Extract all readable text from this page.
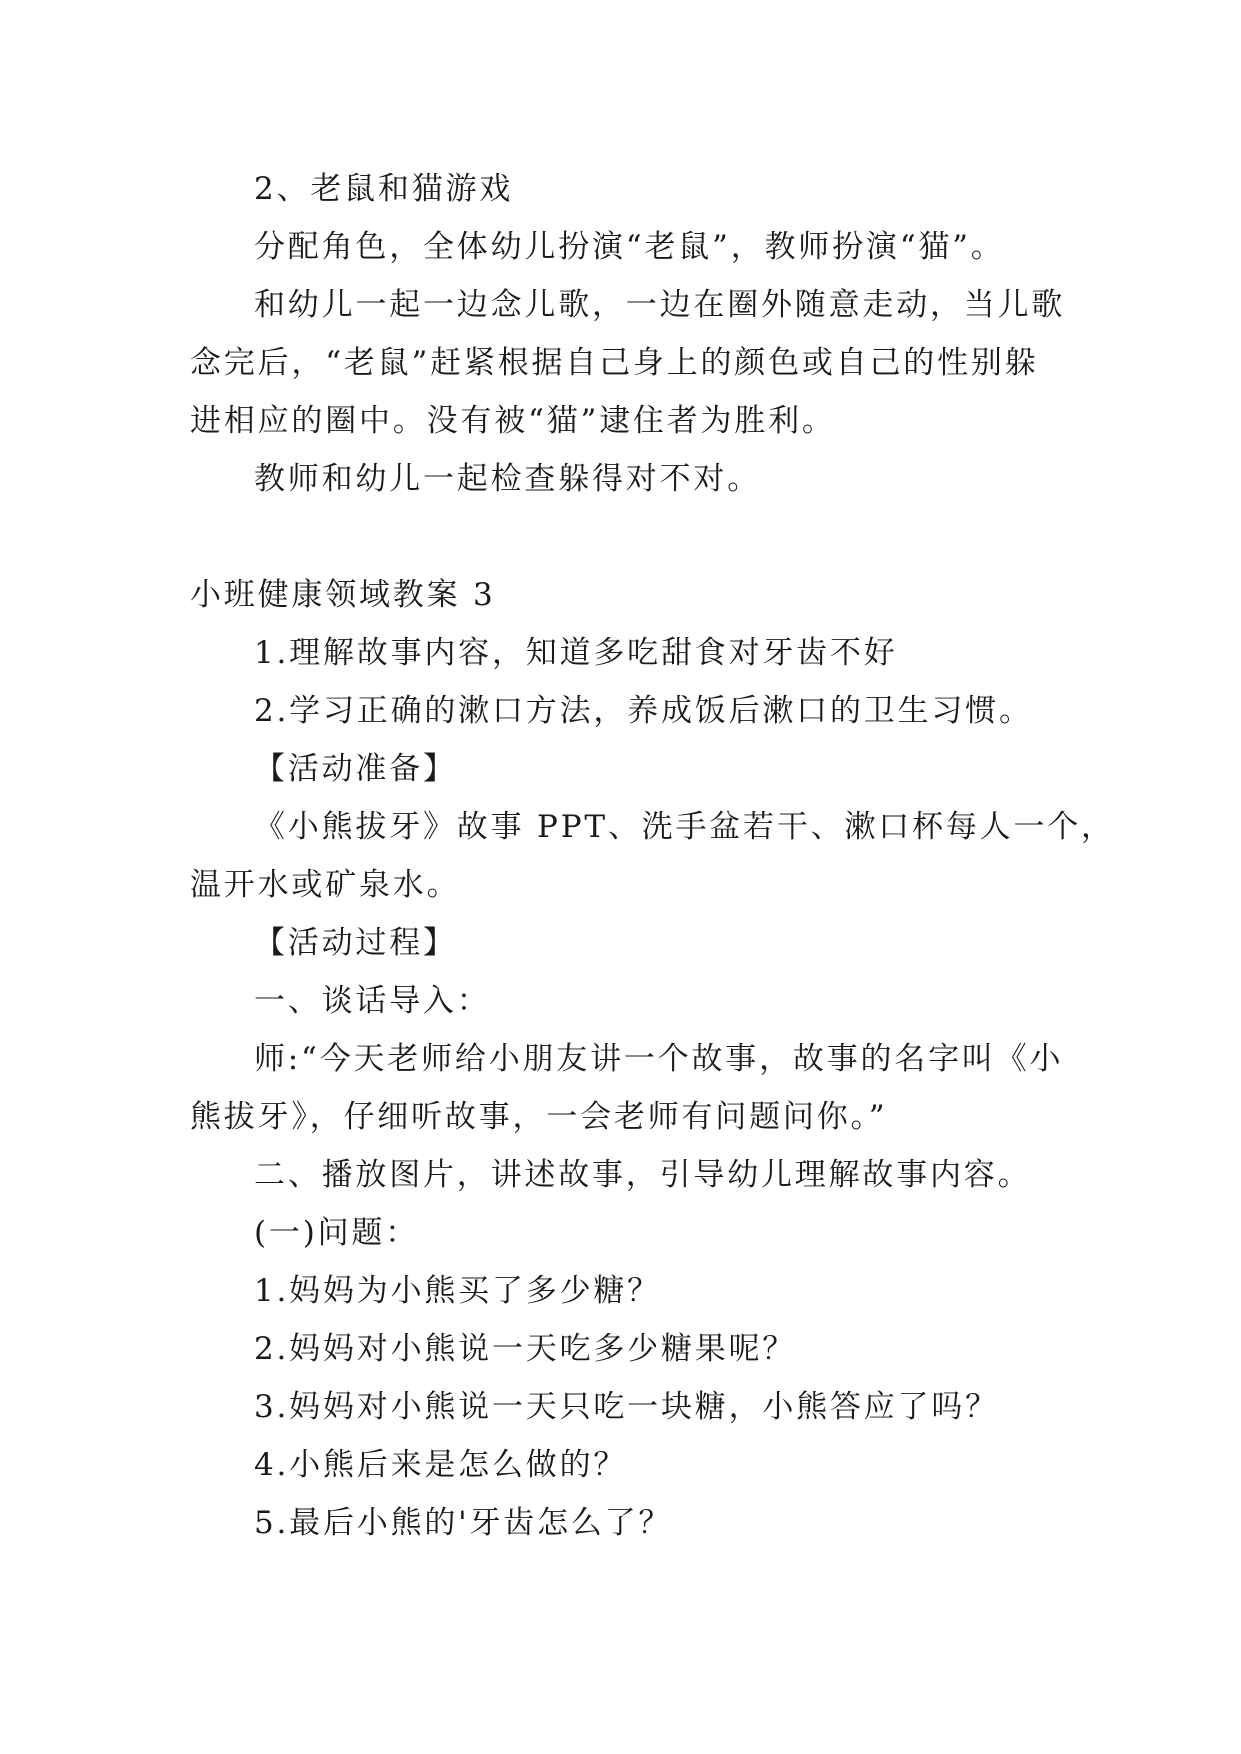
2、老鼠和猫游戏
分配角色，全体幼儿扮演“老鼠”，教师扮演“猫”。
和幼儿一起一边念儿歌，一边在圈外随意走动，当儿歌
念完后，“老鼠”赶紧根据自己身上的颜色或自己的性别躲
进相应的圈中。没有被“猫”逮住者为胜利。
教师和幼儿一起检查躲得对不对。
小班健康领域教案 3
1.理解故事内容，知道多吃甜食对牙齿不好
2.学习正确的漱口方法，养成饭后漱口的卫生习惯。
【活动准备】
《小熊拔牙》故事 PPT、洗手盆若干、漱口杯每人一个，
温开水或矿泉水。
【活动过程】
一、谈话导入：
师:“今天老师给小朋友讲一个故事，故事的名字叫《小
熊拔牙》，仔细听故事，一会老师有问题问你。”
二、播放图片，讲述故事，引导幼儿理解故事内容。
(一)问题：
1.妈妈为小熊买了多少糖？
2.妈妈对小熊说一天吃多少糖果呢？
3.妈妈对小熊说一天只吃一块糖，小熊答应了吗？
4.小熊后来是怎么做的？
5.最后小熊的'牙齿怎么了？
